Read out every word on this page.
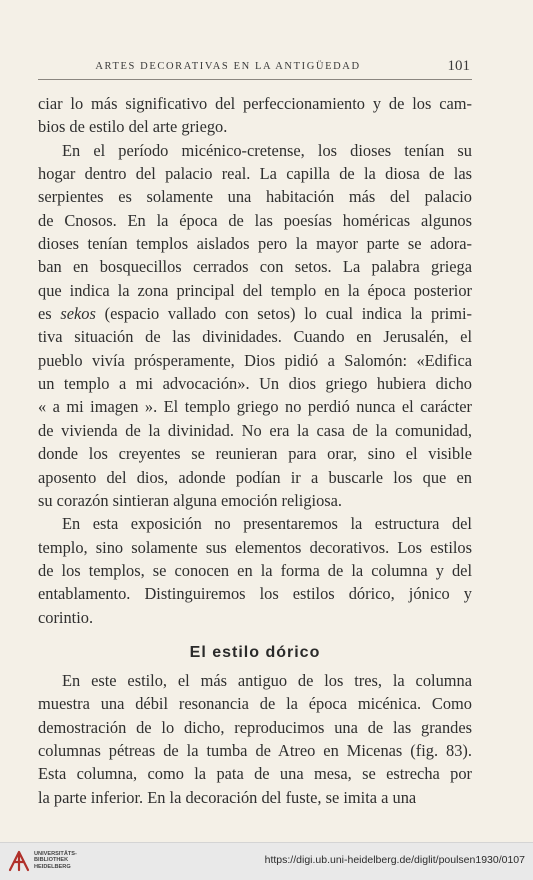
ARTES DECORATIVAS EN LA ANTIGÜEDAD	101
ciar lo más significativo del perfeccionamiento y de los cam-
bios de estilo del arte griego.
En el período micénico-cretense, los dioses tenían su
hogar dentro del palacio real. La capilla de la diosa de las
serpientes es solamente una habitación más del palacio
de Cnosos. En la época de las poesías homéricas algunos
dioses tenían templos aislados pero la mayor parte se adora-
ban en bosquecillos cerrados con setos. La palabra griega
que indica la zona principal del templo en la época posterior
es sekos (espacio vallado con setos) lo cual indica la primi-
tiva situación de las divinidades. Cuando en Jerusalén, el
pueblo vivía prósperamente, Dios pidió a Salomón: «Edifica
un templo a mi advocación». Un dios griego hubiera dicho
« a mi imagen ». El templo griego no perdió nunca el carácter
de vivienda de la divinidad. No era la casa de la comunidad,
donde los creyentes se reunieran para orar, sino el visible
aposento del dios, adonde podían ir a buscarle los que en
su corazón sintieran alguna emoción religiosa.
En esta exposición no presentaremos la estructura del
templo, sino solamente sus elementos decorativos. Los estilos
de los templos, se conocen en la forma de la columna y del
entablamento. Distinguiremos los estilos dórico, jónico y
corintio.
El estilo dórico
En este estilo, el más antiguo de los tres, la columna
muestra una débil resonancia de la época micénica. Como
demostración de lo dicho, reproducimos una de las grandes
columnas pétreas de la tumba de Atreo en Micenas (fig. 83).
Esta columna, como la pata de una mesa, se estrecha por
la parte inferior. En la decoración del fuste, se imita a una
UNIVERSITÄTS-
BIBLIOTHEK
HEIDELBERG
https://digi.ub.uni-heidelberg.de/diglit/poulsen1930/0107
